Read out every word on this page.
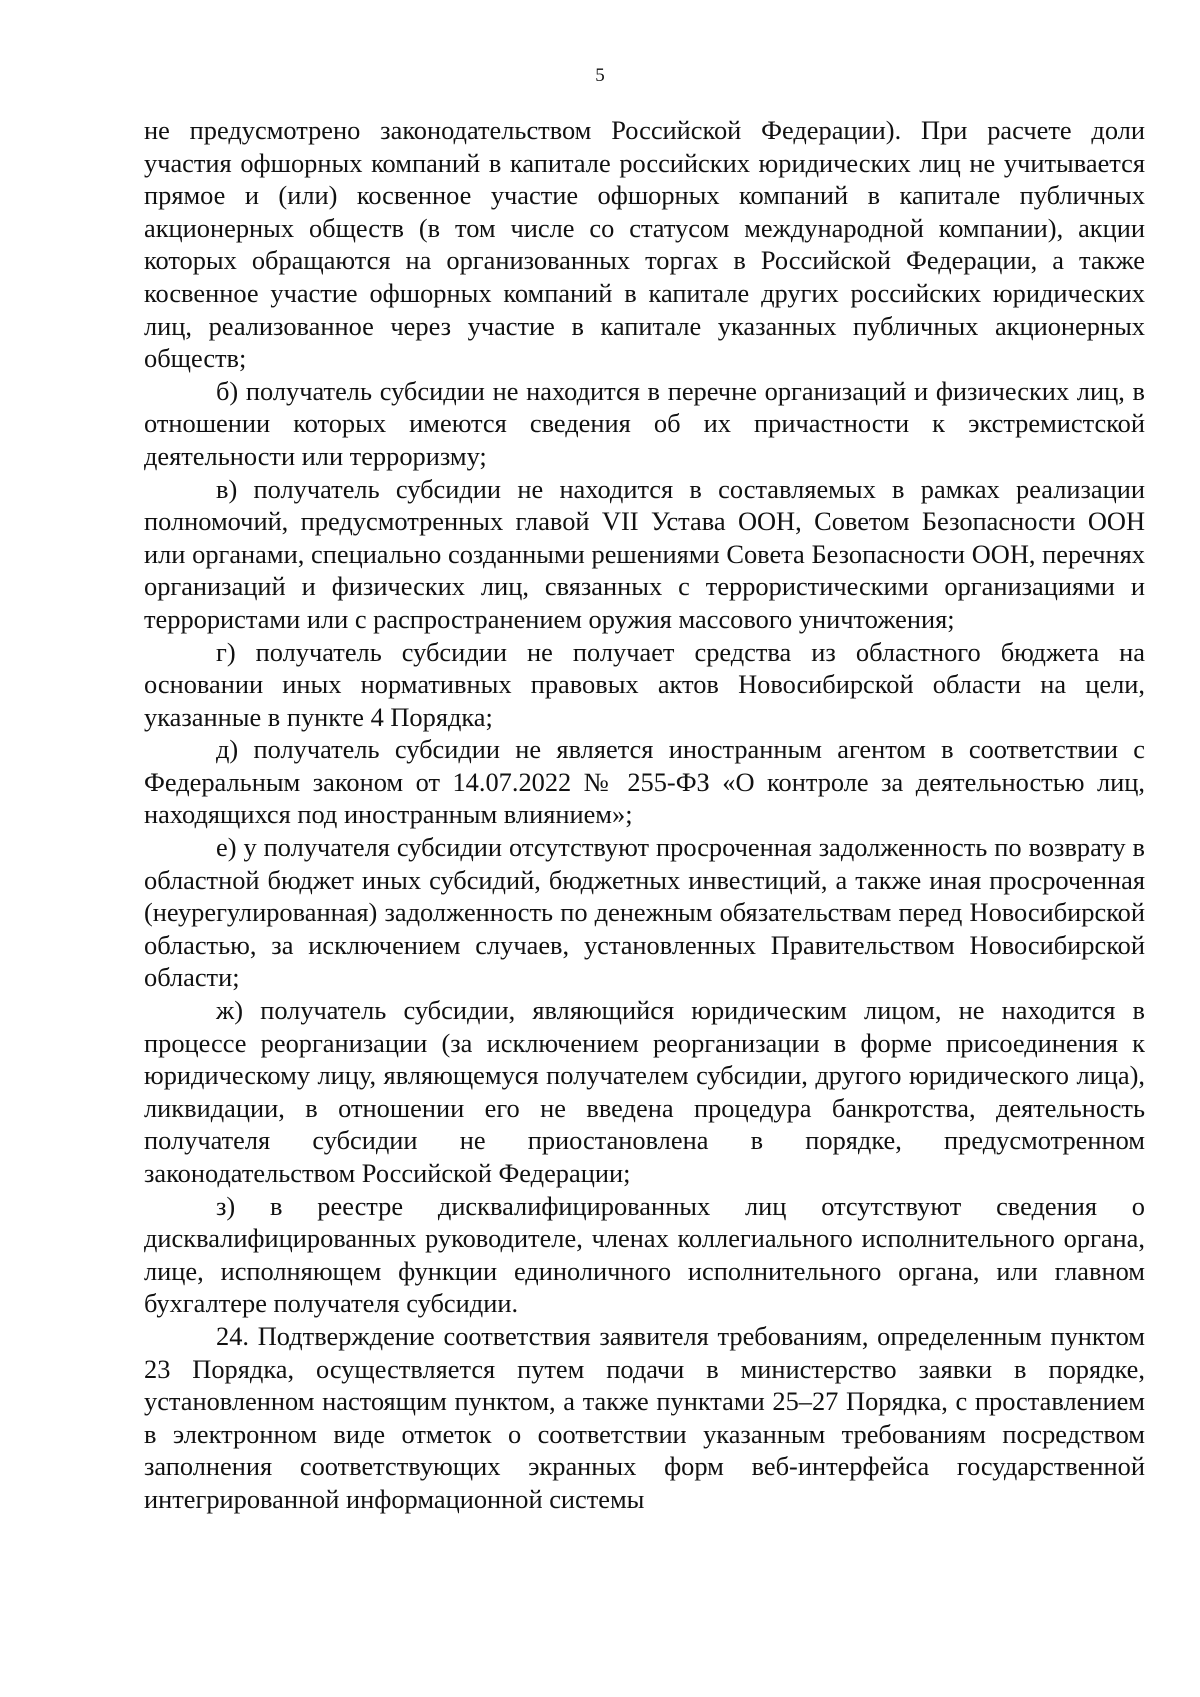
5

не предусмотрено законодательством Российской Федерации). При расчете доли участия офшорных компаний в капитале российских юридических лиц не учитывается прямое и (или) косвенное участие офшорных компаний в капитале публичных акционерных обществ (в том числе со статусом международной компании), акции которых обращаются на организованных торгах в Российской Федерации, а также косвенное участие офшорных компаний в капитале других российских юридических лиц, реализованное через участие в капитале указанных публичных акционерных обществ;

б) получатель субсидии не находится в перечне организаций и физических лиц, в отношении которых имеются сведения об их причастности к экстремистской деятельности или терроризму;

в) получатель субсидии не находится в составляемых в рамках реализации полномочий, предусмотренных главой VII Устава ООН, Советом Безопасности ООН или органами, специально созданными решениями Совета Безопасности ООН, перечнях организаций и физических лиц, связанных с террористическими организациями и террористами или с распространением оружия массового уничтожения;

г) получатель субсидии не получает средства из областного бюджета на основании иных нормативных правовых актов Новосибирской области на цели, указанные в пункте 4 Порядка;

д) получатель субсидии не является иностранным агентом в соответствии с Федеральным законом от 14.07.2022 № 255-ФЗ «О контроле за деятельностью лиц, находящихся под иностранным влиянием»;

е) у получателя субсидии отсутствуют просроченная задолженность по возврату в областной бюджет иных субсидий, бюджетных инвестиций, а также иная просроченная (неурегулированная) задолженность по денежным обязательствам перед Новосибирской областью, за исключением случаев, установленных Правительством Новосибирской области;

ж) получатель субсидии, являющийся юридическим лицом, не находится в процессе реорганизации (за исключением реорганизации в форме присоединения к юридическому лицу, являющемуся получателем субсидии, другого юридического лица), ликвидации, в отношении его не введена процедура банкротства, деятельность получателя субсидии не приостановлена в порядке, предусмотренном законодательством Российской Федерации;

з) в реестре дисквалифицированных лиц отсутствуют сведения о дисквалифицированных руководителе, членах коллегиального исполнительного органа, лице, исполняющем функции единоличного исполнительного органа, или главном бухгалтере получателя субсидии.

24. Подтверждение соответствия заявителя требованиям, определенным пунктом 23 Порядка, осуществляется путем подачи в министерство заявки в порядке, установленном настоящим пунктом, а также пунктами 25–27 Порядка, с проставлением в электронном виде отметок о соответствии указанным требованиям посредством заполнения соответствующих экранных форм веб-интерфейса государственной интегрированной информационной системы
